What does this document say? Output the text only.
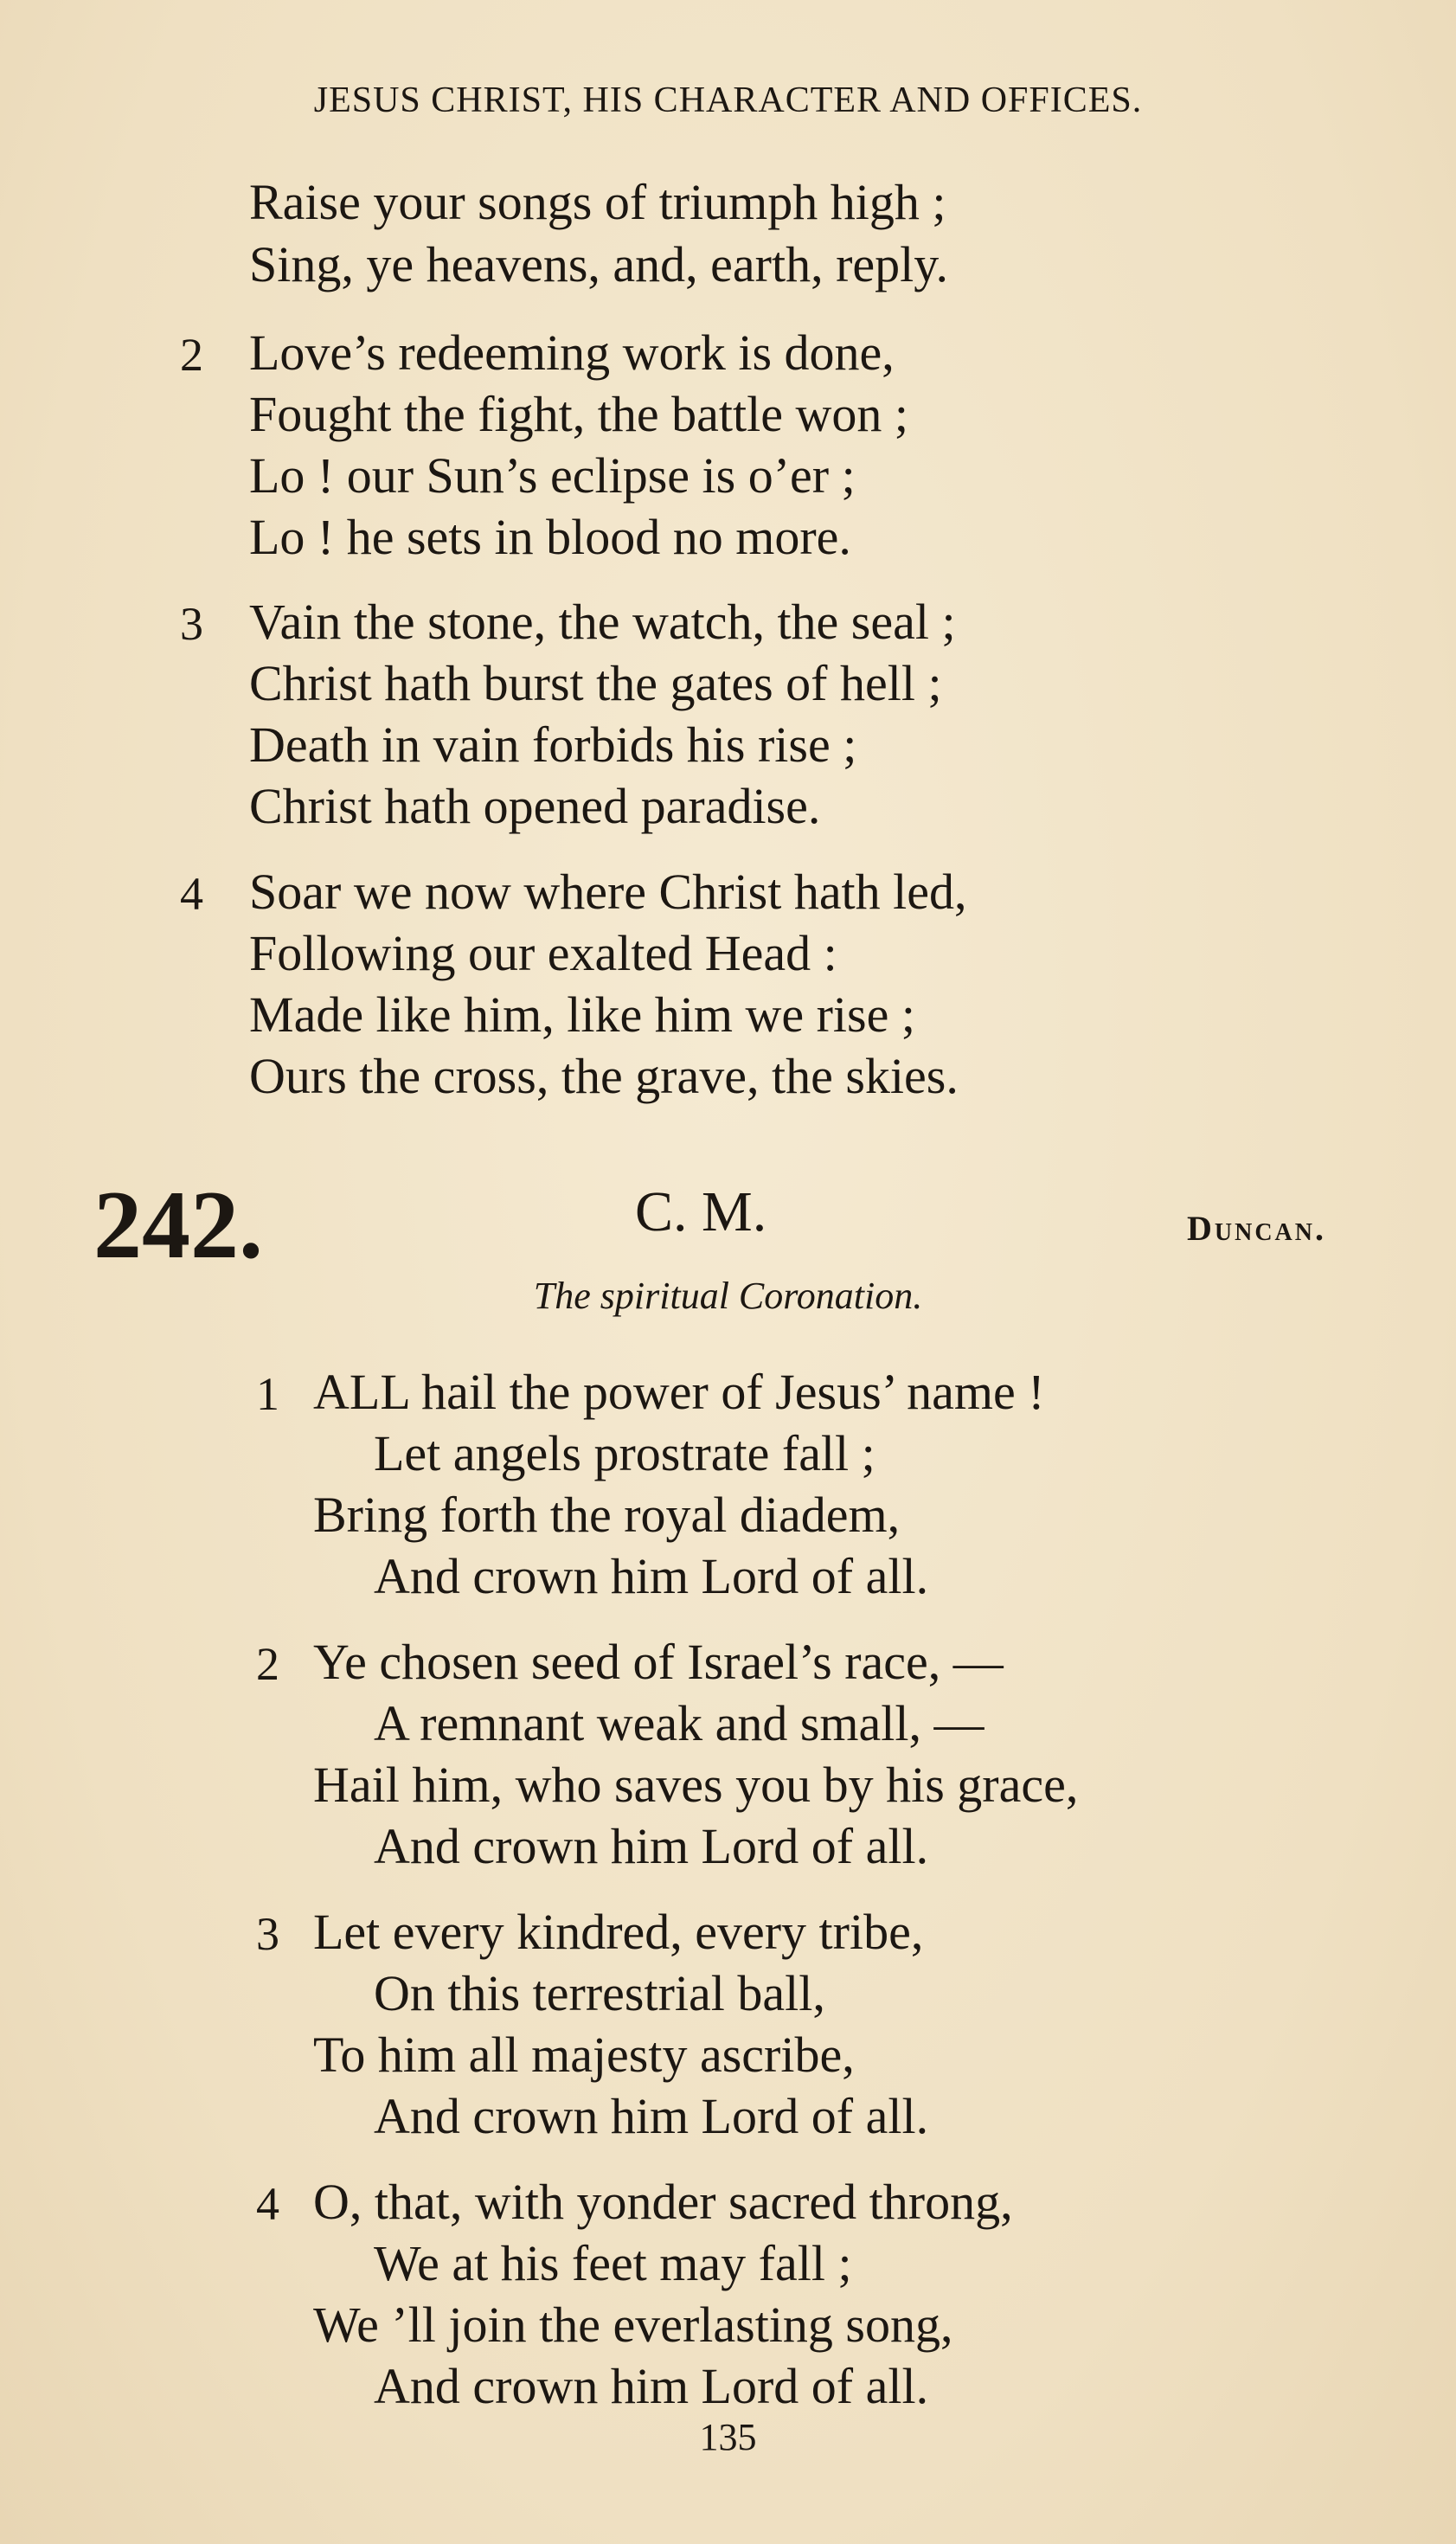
JESUS CHRIST, HIS CHARACTER AND OFFICES.
Raise your songs of triumph high ;
Sing, ye heavens, and, earth, reply.
2 Love’s redeeming work is done,
Fought the fight, the battle won ;
Lo ! our Sun’s eclipse is o’er ;
Lo ! he sets in blood no more.
3 Vain the stone, the watch, the seal ;
Christ hath burst the gates of hell ;
Death in vain forbids his rise ;
Christ hath opened paradise.
4 Soar we now where Christ hath led,
Following our exalted Head :
Made like him, like him we rise ;
Ours the cross, the grave, the skies.
242.	C. M.	Duncan.
The spiritual Coronation.
1 ALL hail the power of Jesus’ name !
Let angels prostrate fall ;
Bring forth the royal diadem,
And crown him Lord of all.
2 Ye chosen seed of Israel’s race, —
A remnant weak and small, —
Hail him, who saves you by his grace,
And crown him Lord of all.
3 Let every kindred, every tribe,
On this terrestrial ball,
To him all majesty ascribe,
And crown him Lord of all.
4 O, that, with yonder sacred throng,
We at his feet may fall ;
We ’ll join the everlasting song,
And crown him Lord of all.
135
